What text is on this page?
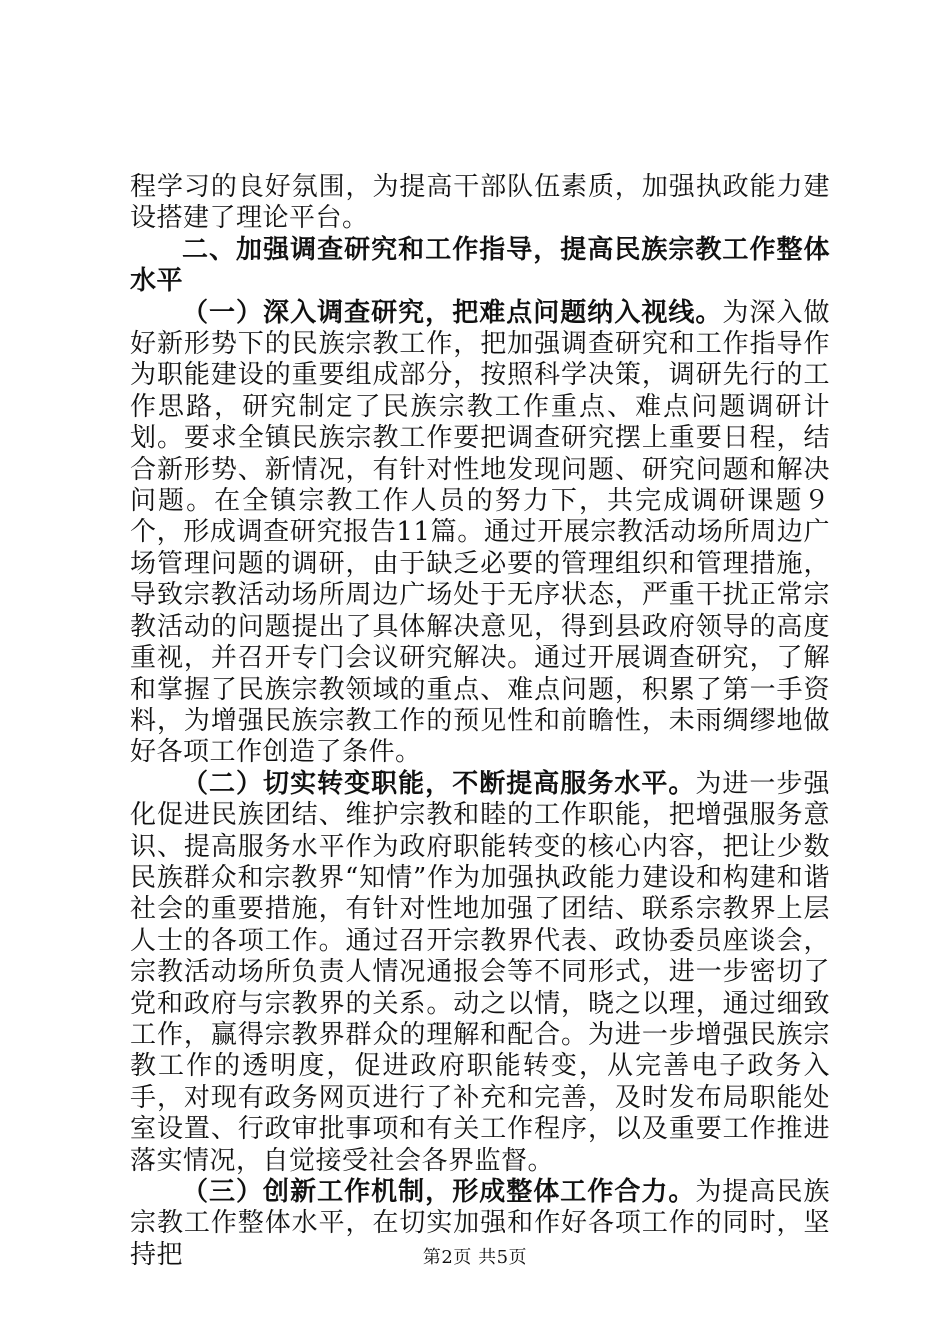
程学习的良好氛围，为提高干部队伍素质，加强执政能力建设搭建了理论平台。

二、加强调查研究和工作指导，提高民族宗教工作整体水平

（一）深入调查研究，把难点问题纳入视线。为深入做好新形势下的民族宗教工作，把加强调查研究和工作指导作为职能建设的重要组成部分，按照科学决策，调研先行的工作思路，研究制定了民族宗教工作重点、难点问题调研计划。要求全镇民族宗教工作要把调查研究摆上重要日程，结合新形势、新情况，有针对性地发现问题、研究问题和解决问题。在全镇宗教工作人员的努力下，共完成调研课题９个，形成调查研究报告11篇。通过开展宗教活动场所周边广场管理问题的调研，由于缺乏必要的管理组织和管理措施，导致宗教活动场所周边广场处于无序状态，严重干扰正常宗教活动的问题提出了具体解决意见，得到县政府领导的高度重视，并召开专门会议研究解决。通过开展调查研究，了解和掌握了民族宗教领域的重点、难点问题，积累了第一手资料，为增强民族宗教工作的预见性和前瞻性，未雨绸缪地做好各项工作创造了条件。

（二）切实转变职能，不断提高服务水平。为进一步强化促进民族团结、维护宗教和睦的工作职能，把增强服务意识、提高服务水平作为政府职能转变的核心内容，把让少数民族群众和宗教界“知情”作为加强执政能力建设和构建和谐社会的重要措施，有针对性地加强了团结、联系宗教界上层人士的各项工作。通过召开宗教界代表、政协委员座谈会，宗教活动场所负责人情况通报会等不同形式，进一步密切了党和政府与宗教界的关系。动之以情，晓之以理，通过细致工作，赢得宗教界群众的理解和配合。为进一步增强民族宗教工作的透明度，促进政府职能转变，从完善电子政务入手，对现有政务网页进行了补充和完善，及时发布局职能处室设置、行政审批事项和有关工作程序，以及重要工作推进落实情况，自觉接受社会各界监督。

（三）创新工作机制，形成整体工作合力。为提高民族宗教工作整体水平，在切实加强和作好各项工作的同时，坚持把	第2页 共5页
